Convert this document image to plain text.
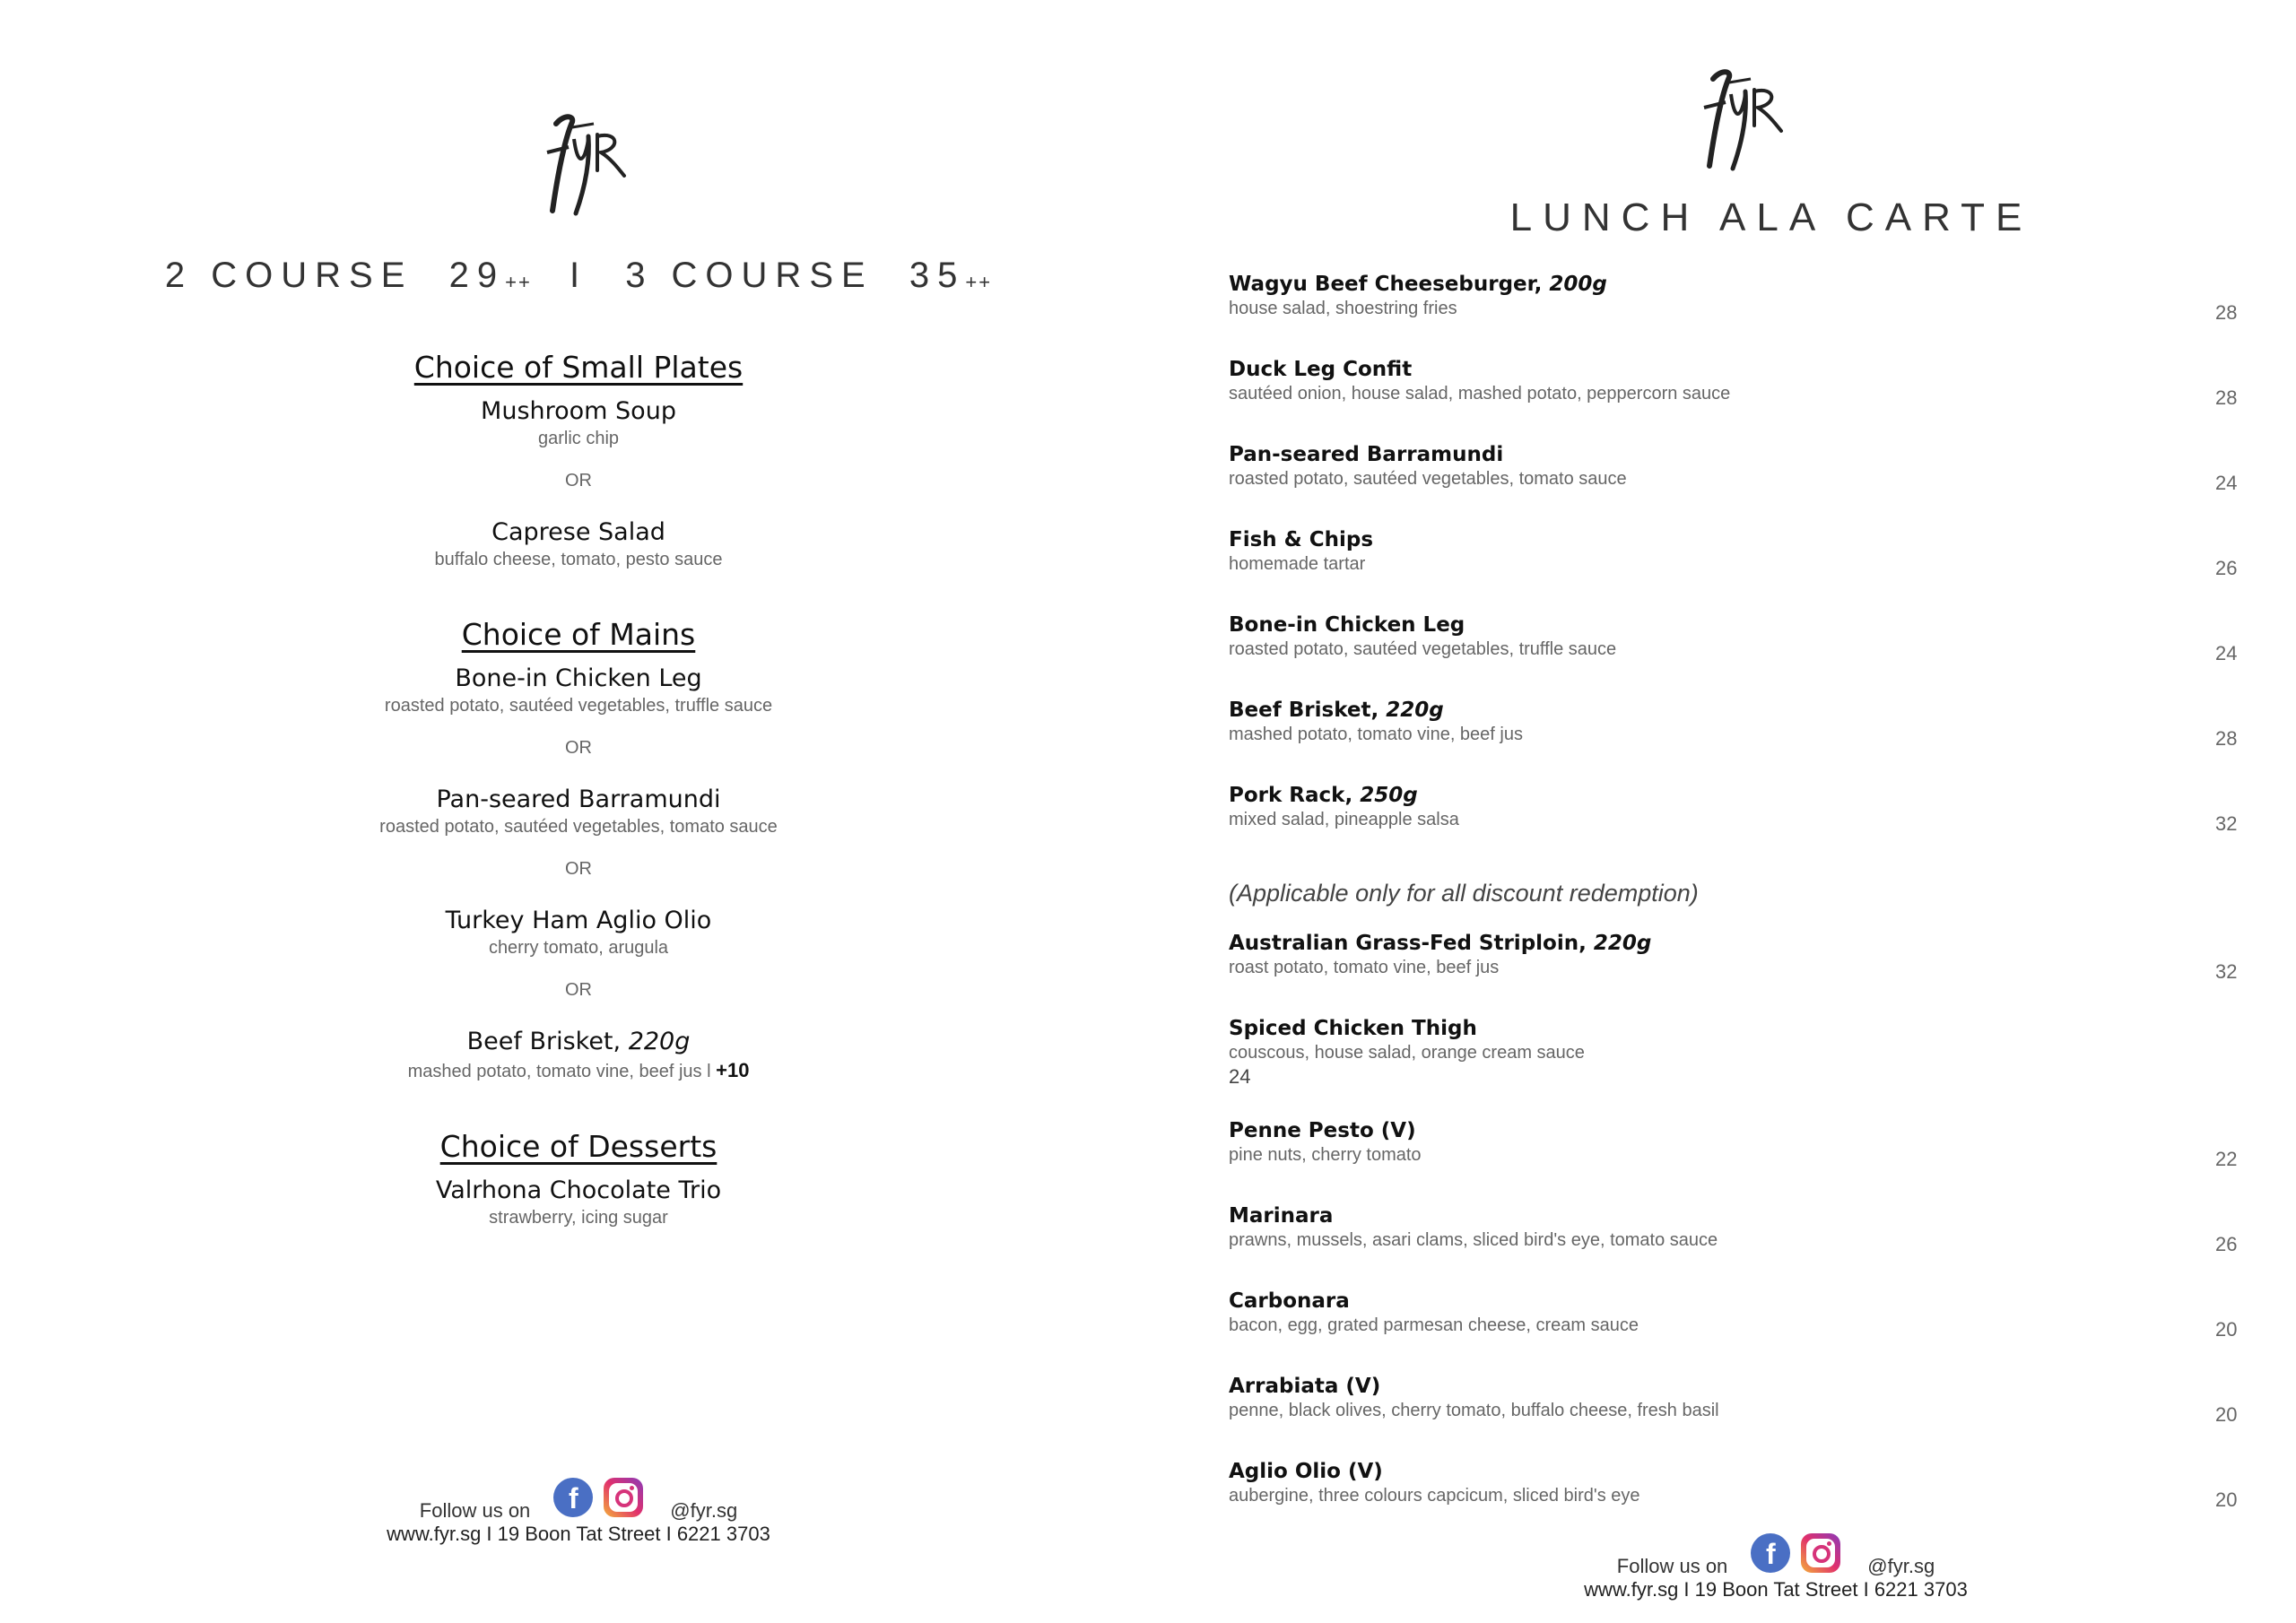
2 COURSE 29++ I 3 COURSE 35++
Choice of Small Plates
Mushroom Soup
garlic chip
OR
Caprese Salad
buffalo cheese, tomato, pesto sauce
Choice of Mains
Bone-in Chicken Leg
roasted potato, sautéed vegetables, truffle sauce
OR
Pan-seared Barramundi
roasted potato, sautéed vegetables, tomato sauce
OR
Turkey Ham Aglio Olio
cherry tomato, arugula
OR
Beef Brisket, 220g
mashed potato, tomato vine, beef jus l +10
Choice of Desserts
Valrhona Chocolate Trio
strawberry, icing sugar
Follow us on	f	@fyr.sg
www.fyr.sg I 19 Boon Tat Street I 6221 3703
LUNCH ALA CARTE
Wagyu Beef Cheeseburger, 200g
house salad, shoestring fries	28
Duck Leg Confit
sautéed onion, house salad, mashed potato, peppercorn sauce	28
Pan-seared Barramundi
roasted potato, sautéed vegetables, tomato sauce	24
Fish & Chips
homemade tartar	26
Bone-in Chicken Leg
roasted potato, sautéed vegetables, truffle sauce	24
Beef Brisket, 220g
mashed potato, tomato vine, beef jus	28
Pork Rack, 250g
mixed salad, pineapple salsa	32
(Applicable only for all discount redemption)
Australian Grass-Fed Striploin, 220g
roast potato, tomato vine, beef jus	32
Spiced Chicken Thigh
couscous, house salad, orange cream sauce
24
Penne Pesto (V)
pine nuts, cherry tomato	22
Marinara
prawns, mussels, asari clams, sliced bird's eye, tomato sauce	26
Carbonara
bacon, egg, grated parmesan cheese, cream sauce	20
Arrabiata (V)
penne, black olives, cherry tomato, buffalo cheese, fresh basil	20
Aglio Olio (V)
aubergine, three colours capcicum, sliced bird's eye	20
Follow us on	f	@fyr.sg
www.fyr.sg I 19 Boon Tat Street I 6221 3703
